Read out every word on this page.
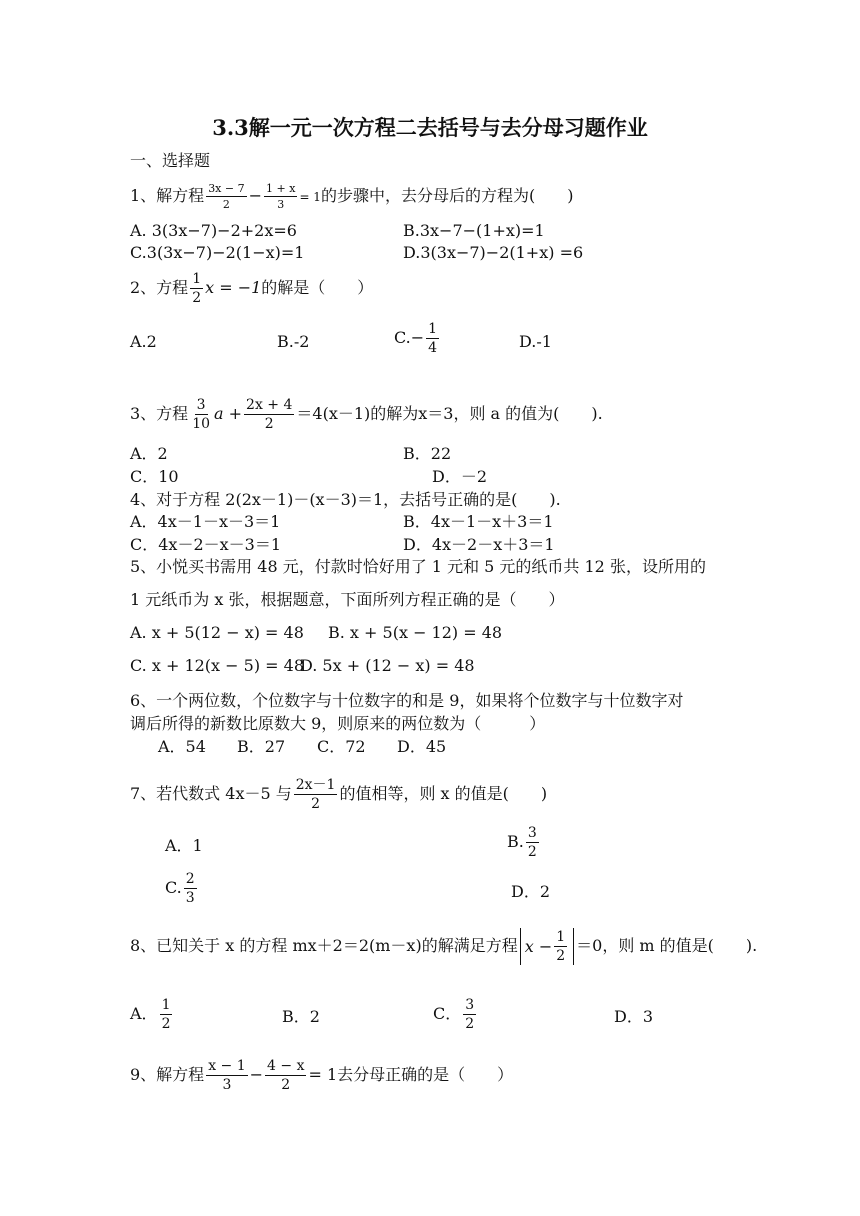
3.3解一元一次方程二去括号与去分母习题作业
一、选择题
1、解方程 $\frac{3x - 7}{2} - \frac{1 + x}{3} = 1$的步骤中，去分母后的方程为(　　)
A. 3(3x−7)−2+2x=6	B.3x−7−(1+x)=1
C.3(3x−7)−2(1−x)=1	D.3(3x−7)−2(1+x) =6
2、方程 $\frac{1}{2}$ x = −1的解是（　　）
A.2	B.-2	$C.- \frac{1}{4}$	D.-1
3、方程 $\frac{3}{10}$ $a + \frac{2x + 4}{2} =4(x-1)$的解为x＝3，则 a 的值为(　　).
A．2	B．22
C．10	D．－2
4、对于方程 2(2x－1)－(x－3)＝1，去括号正确的是(　　).
A．4x－1－x－3＝1	B．4x－1－x＋3＝1
C．4x－2－x－3＝1	D．4x－2－x＋3＝1
5、小悦买书需用 48 元，付款时恰好用了 1 元和 5 元的纸币共 12 张，设所用的
1 元纸币为 x 张，根据题意，下面所列方程正确的是（　　）
A. x + 5(12 − x) = 48 B. x + 5(x − 12) = 48
C. x + 12(x − 5) = 48
D. 5x + (12 − x) = 48
6、一个两位数，个位数字与十位数字的和是 9，如果将个位数字与十位数字对
调后所得的新数比原数大 9，则原来的两位数为（　　　）
A．54 B．27 C．72 D．45
7、若代数式 4x－5 与 $\frac{2x-1}{2}$ 的值相等，则 x 的值是(　　)
A．1	B. $\frac{3}{2}$
C. $\frac{2}{3}$	D．2
8、已知关于 x 的方程 mx＋2＝2(m－x)的解满足方程 $x - \frac{1}{2} =0$，则 m 的值是(　　).
A． $\frac{1}{2}$	B．2	C． $\frac{3}{2}$	D．3
9、解方程 $\frac{x - 1}{3} - \frac{4 - x}{2} = 1$去分母正确的是（　　）
